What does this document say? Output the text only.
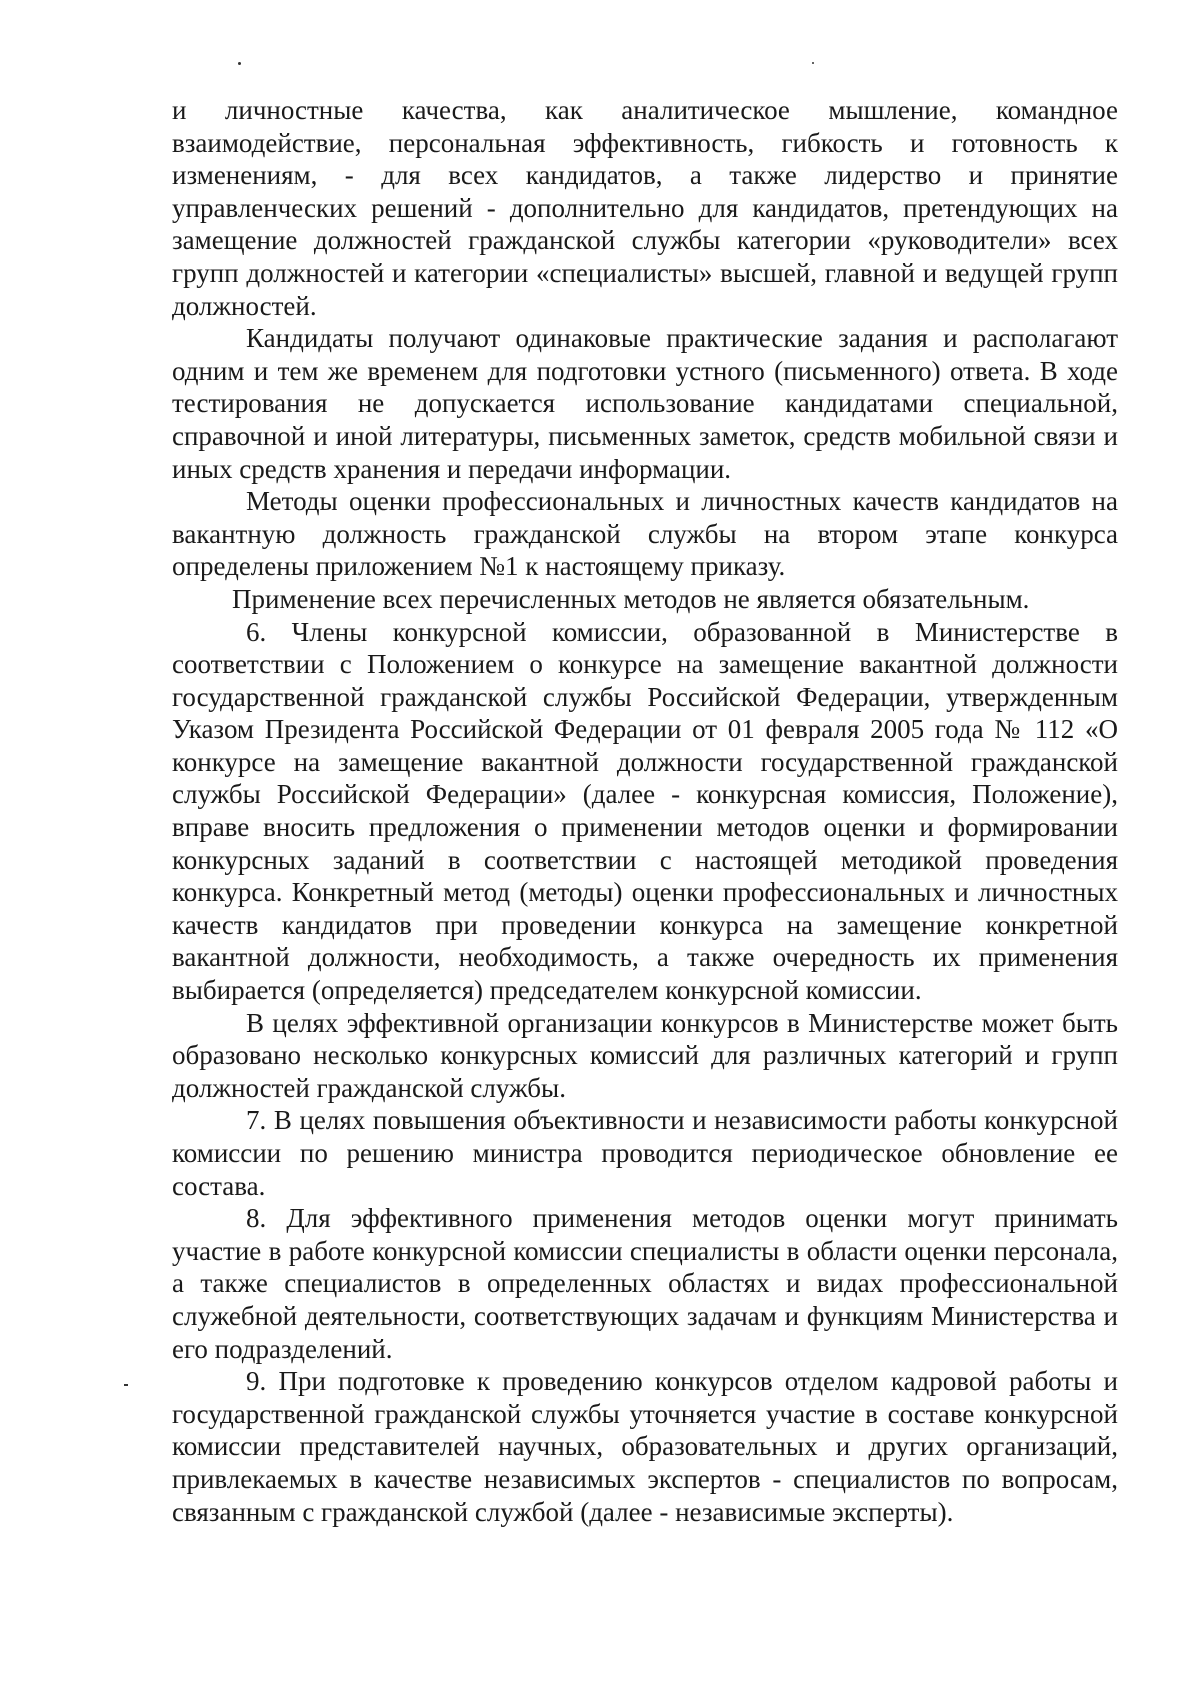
и личностные качества, как аналитическое мышление, командное взаимодействие, персональная эффективность, гибкость и готовность к изменениям, - для всех кандидатов, а также лидерство и принятие управленческих решений - дополнительно для кандидатов, претендующих на замещение должностей гражданской службы категории «руководители» всех групп должностей и категории «специалисты» высшей, главной и ведущей групп должностей.

Кандидаты получают одинаковые практические задания и располагают одним и тем же временем для подготовки устного (письменного) ответа. В ходе тестирования не допускается использование кандидатами специальной, справочной и иной литературы, письменных заметок, средств мобильной связи и иных средств хранения и передачи информации.

Методы оценки профессиональных и личностных качеств кандидатов на вакантную должность гражданской службы на втором этапе конкурса определены приложением №1 к настоящему приказу.

Применение всех перечисленных методов не является обязательным.

6. Члены конкурсной комиссии, образованной в Министерстве в соответствии с Положением о конкурсе на замещение вакантной должности государственной гражданской службы Российской Федерации, утвержденным Указом Президента Российской Федерации от 01 февраля 2005 года № 112 «О конкурсе на замещение вакантной должности государственной гражданской службы Российской Федерации» (далее - конкурсная комиссия, Положение), вправе вносить предложения о применении методов оценки и формировании конкурсных заданий в соответствии с настоящей методикой проведения конкурса. Конкретный метод (методы) оценки профессиональных и личностных качеств кандидатов при проведении конкурса на замещение конкретной вакантной должности, необходимость, а также очередность их применения выбирается (определяется) председателем конкурсной комиссии.

В целях эффективной организации конкурсов в Министерстве может быть образовано несколько конкурсных комиссий для различных категорий и групп должностей гражданской службы.

7. В целях повышения объективности и независимости работы конкурсной комиссии по решению министра проводится периодическое обновление ее состава.

8. Для эффективного применения методов оценки могут принимать участие в работе конкурсной комиссии специалисты в области оценки персонала, а также специалистов в определенных областях и видах профессиональной служебной деятельности, соответствующих задачам и функциям Министерства и его подразделений.

9. При подготовке к проведению конкурсов отделом кадровой работы и государственной гражданской службы уточняется участие в составе конкурсной комиссии представителей научных, образовательных и других организаций, привлекаемых в качестве независимых экспертов - специалистов по вопросам, связанным с гражданской службой (далее - независимые эксперты).
